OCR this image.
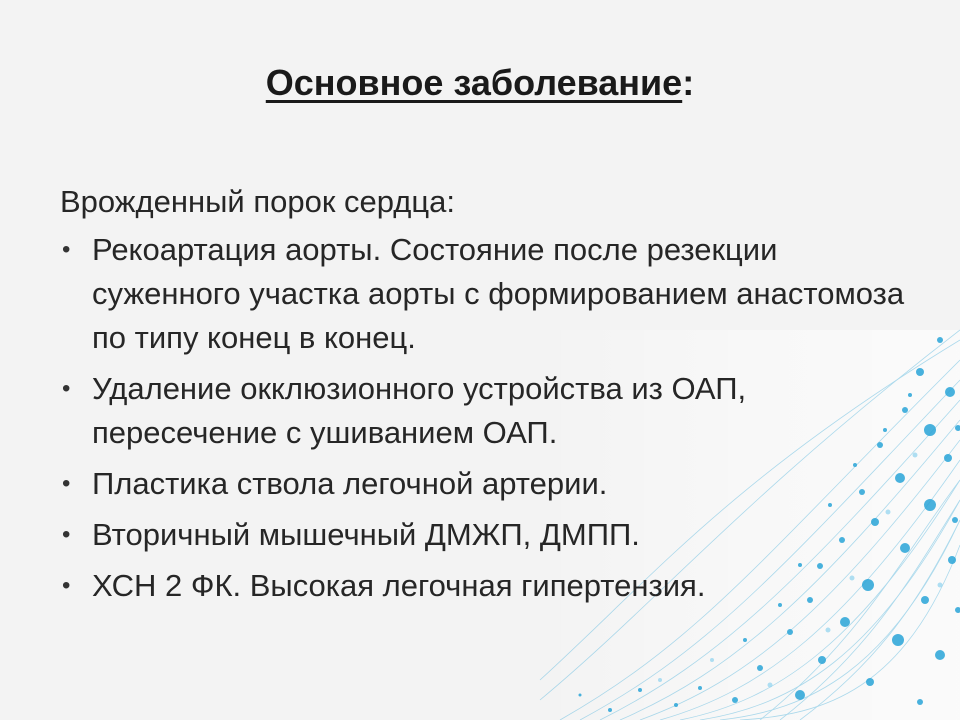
Основное заболевание:

Врожденный порок сердца:

• Рекоартация аорты. Состояние после резекции суженного участка аорты с формированием анастомоза по типу конец в конец.
• Удаление окклюзионного устройства из ОАП, пересечение с ушиванием ОАП.
• Пластика ствола легочной артерии.
• Вторичный мышечный ДМЖП, ДМПП.
• ХСН 2 ФК. Высокая легочная гипертензия.
